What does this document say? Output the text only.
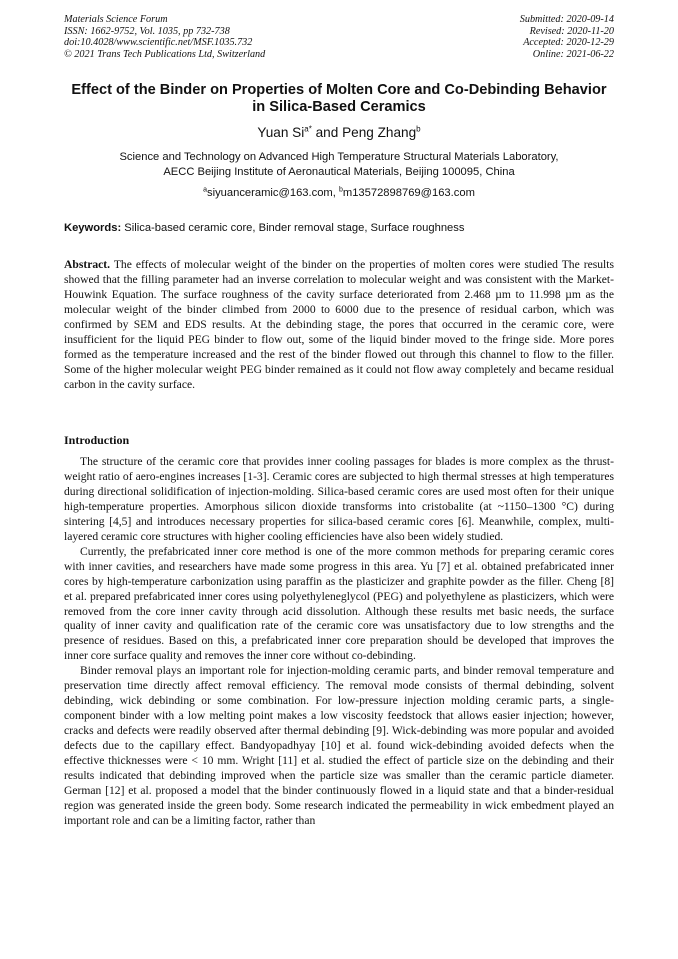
Materials Science Forum
ISSN: 1662-9752, Vol. 1035, pp 732-738
doi:10.4028/www.scientific.net/MSF.1035.732
© 2021 Trans Tech Publications Ltd, Switzerland
Submitted: 2020-09-14
Revised: 2020-11-20
Accepted: 2020-12-29
Online: 2021-06-22
Effect of the Binder on Properties of Molten Core and Co-Debinding Behavior in Silica-Based Ceramics
Yuan $Si^{a*}$ and Peng Zhang$^b$
Science and Technology on Advanced High Temperature Structural Materials Laboratory,
AECC Beijing Institute of Aeronautical Materials, Beijing 100095, China
$^a$siyuanceramic@163.com, $^b$m13572898769@163.com
Keywords: Silica-based ceramic core, Binder removal stage, Surface roughness
Abstract. The effects of molecular weight of the binder on the properties of molten cores were studied The results showed that the filling parameter had an inverse correlation to molecular weight and was consistent with the Market-Houwink Equation. The surface roughness of the cavity surface deteriorated from 2.468 µm to 11.998 µm as the molecular weight of the binder climbed from 2000 to 6000 due to the presence of residual carbon, which was confirmed by SEM and EDS results. At the debinding stage, the pores that occurred in the ceramic core, were insufficient for the liquid PEG binder to flow out, some of the liquid binder moved to the fringe side. More pores formed as the temperature increased and the rest of the binder flowed out through this channel to flow to the filler. Some of the higher molecular weight PEG binder remained as it could not flow away completely and became residual carbon in the cavity surface.
Introduction

The structure of the ceramic core that provides inner cooling passages for blades is more complex as the thrust-weight ratio of aero-engines increases [1-3]. Ceramic cores are subjected to high thermal stresses at high temperatures during directional solidification of injection-molding. Silica-based ceramic cores are used most often for their unique high-temperature properties. Amorphous silicon dioxide transforms into cristobalite (at ~1150–1300 °C) during sintering [4,5] and introduces necessary properties for silica-based ceramic cores [6]. Meanwhile, complex, multi-layered ceramic core structures with higher cooling efficiencies have also been widely studied.

Currently, the prefabricated inner core method is one of the more common methods for preparing ceramic cores with inner cavities, and researchers have made some progress in this area. Yu [7] et al. obtained prefabricated inner cores by high-temperature carbonization using paraffin as the plasticizer and graphite powder as the filler. Cheng [8] et al. prepared prefabricated inner cores using polyethyleneglycol (PEG) and polyethylene as plasticizers, which were removed from the core inner cavity through acid dissolution. Although these results met basic needs, the surface quality of inner cavity and qualification rate of the ceramic core was unsatisfactory due to low strengths and the presence of residues. Based on this, a prefabricated inner core preparation should be developed that improves the inner core surface quality and removes the inner core without co-debinding.

Binder removal plays an important role for injection-molding ceramic parts, and binder removal temperature and preservation time directly affect removal efficiency. The removal mode consists of thermal debinding, solvent debinding, wick debinding or some combination. For low-pressure injection molding ceramic parts, a single-component binder with a low melting point makes a low viscosity feedstock that allows easier injection; however, cracks and defects were readily observed after thermal debinding [9]. Wick-debinding was more popular and avoided defects due to the capillary effect. Bandyopadhyay [10] et al. found wick-debinding avoided defects when the effective thicknesses were < 10 mm. Wright [11] et al. studied the effect of particle size on the debinding and their results indicated that debinding improved when the particle size was smaller than the ceramic particle diameter. German [12] et al. proposed a model that the binder continuously flowed in a liquid state and that a binder-residual region was generated inside the green body. Some research indicated the permeability in wick embedment played an important role and can be a limiting factor, rather than
